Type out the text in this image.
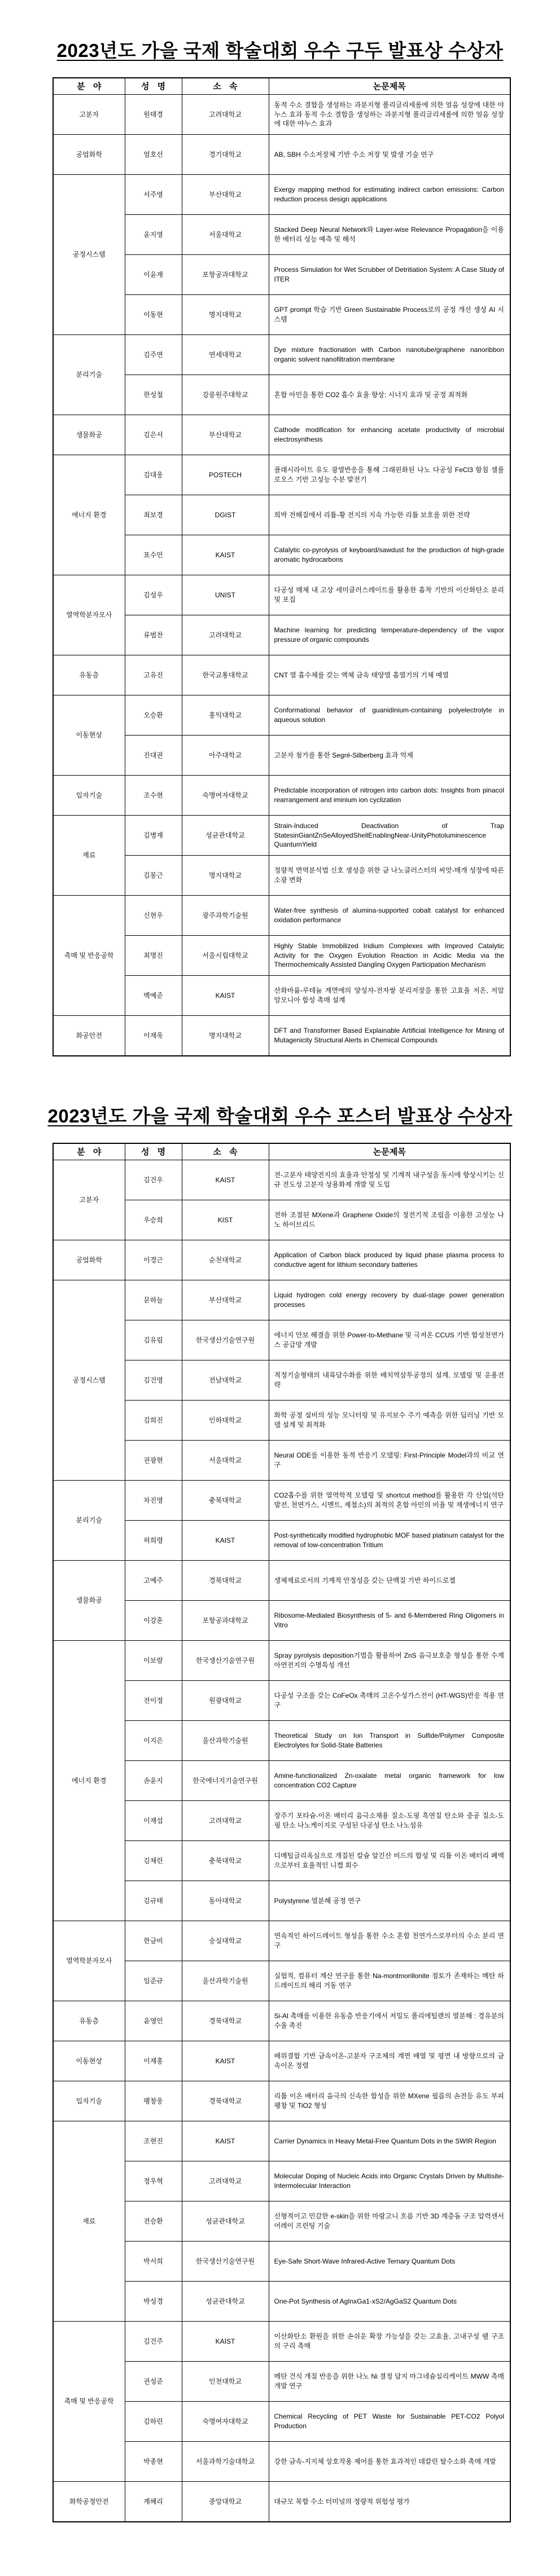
2023년도 가을 국제 학술대회 우수 구두 발표상 수상자
분 야	성 명	소 속	논문제목
고분자	원태경	고려대학교	동적 수소 결합을 생성하는 과분지형 폴리글리세롤에 의한 얼음 성장에 대한 야누스 효과 동적 수소 결합을 생성하는 과분지형 폴리글리세롤에 의한 얼음 성장에 대한 야누스 효과
공업화학	엄호선	경기대학교	AB, SBH 수소저장체 기반 수소 저장 및 발생 기술 연구
공정시스템	서주영	부산대학교	Exergy mapping method for estimating indirect carbon emissions: Carbon reduction process design applications
	윤지영	서울대학교	Stacked Deep Neural Network와 Layer-wise Relevance Propagation을 이용한 배터리 성능 예측 및 해석
	이윤재	포항공과대학교	Process Simulation for Wet Scrubber of Detritiation System: A Case Study of ITER
	이동현	명지대학교	GPT prompt 학습 기반 Green Sustainable Process로의 공정 개선 생성 AI 시스템
분리기술	김주연	연세대학교	Dye mixture fractionation with Carbon nanotube/graphene nanoribbon organic solvent nanofiltration membrane
	한성철	강릉원주대학교	혼합 아민을 통한 CO2 흡수 효율 향상: 시너지 효과 및 공정 최적화
생물화공	김은서	부산대학교	Cathode modification for enhancing acetate productivity of microbial electrosynthesis
에너지 환경	김대웅	POSTECH	플래시라이트 유도 광열반응을 통해 그래핀화된 나노 다공성 FeCl3 함침 셀룰로오스 기반 고성능 수분 발전기
	최보경	DGIST	희박 전해질에서 리튬-황 전지의 지속 가능한 리튬 보호를 위한 전략
	표수민	KAIST	Catalytic co-pyrolysis of keyboard/sawdust for the production of high-grade aromatic hydrocarbons
열역학분자모사	김성우	UNIST	다공성 매체 내 고상 세미클러스레이트를 활용한 흡착 기반의 이산화탄소 분리 및 포집
	류범찬	고려대학교	Machine learning for predicting temperature-dependency of the vapor pressure of organic compounds
유동층	고유진	한국교통대학교	CNT 열 흡수체를 갖는 액체 금속 태양열 흡열기의 기체 예열
이동현상	오승환	홍익대학교	Conformational behavior of guanidinium-containing polyelectrolyte in aqueous solution
	진대권	아주대학교	고분자 첨가를 통한 Segré-Silberberg 효과 억제
입자기술	조수현	숙명여자대학교	Predictable incorporation of nitrogen into carbon dots: Insights from pinacol rearrangement and iminium ion cyclization
재료	김병재	성균관대학교	Strain-Induced Deactivation of Trap StatesinGiantZnSeAlloyedShellEnablingNear-UnityPhotoluminescence QuantumYield
	김봉근	명지대학교	정량적 면역분석법 신호 생성을 위한 금 나노클러스터의 씨앗-매개 성장에 따른 소광 변화
촉매 및 반응공학	신현우	광주과학기술원	Water-free synthesis of alumina-supported cobalt catalyst for enhanced oxidation performance
	최명진	서울시립대학교	Highly Stable Immobilized Iridium Complexes with Improved Catalytic Activity for the Oxygen Evolution Reaction in Acidic Media via the Thermochemically Assisted Dangling Oxygen Participation Mechanism
	백예준	KAIST	산화바륨-루테늄 계면에의 양성자-전자쌍 분리저장을 통한 고효율 저온, 저압 암모니아 합성 촉매 설계
화공안전	이재욱	명지대학교	DFT and Transformer Based Explainable Artificial Intelligence for Mining of Mutagenicity Structural Alerts in Chemical Compounds
2023년도 가을 국제 학술대회 우수 포스터 발표상 수상자
분 야	성 명	소 속	논문제목
고분자	김건우	KAIST	전-고분자 태양전지의 효율과 안정성 및 기계적 내구성을 동시에 향상시키는 신규 전도성 고분자 상용화제 개발 및 도입
	우승희	KIST	전하 조절된 MXene과 Graphene Oxide의 정전기적 조립을 이용한 고성능 나노 하이브리드
공업화학	이경근	순천대학교	Application of Carbon black produced by liquid phase plasma process to conductive agent for lithium secondary batteries
공정시스템	문하늘	부산대학교	Liquid hydrogen cold energy recovery by dual-stage power generation processes
	김유림	한국생산기술연구원	에너지 안보 해결을 위한 Power-to-Methane 및 극저온 CCUS 기반 합성천연가스 공급망 개발
	김건영	전남대학교	적정기술형태의 내륙담수화를 위한 배치역삼투공정의 설계, 모델링 및 운용전략
	김희진	인하대학교	화학 공정 설비의 성능 모니터링 및 유지보수 주기 예측을 위한 딥러닝 기반 모델 설계 및 최적화
	권광현	서울대학교	Neural ODE를 이용한 동적 반응기 모델링: First-Principle Model과의 비교 연구
분리기술	차진영	충북대학교	CO2흡수를 위한 열역학적 모델링 및 shortcut method를 활용한 각 산업(석탄발전, 천연가스, 시멘트, 제철소)의 최적의 혼합 아민의 비율 및 재생에너지 연구
	허희령	KAIST	Post-synthetically modified hydrophobic MOF based platinum catalyst for the removal of low-concentration Tritium
생물화공	고예주	경북대학교	생체재료로서의 기계적 안정성을 갖는 단백질 기반 하이드로젤
	이강훈	포항공과대학교	Ribosome-Mediated Biosynthesis of 5- and 6-Membered Ring Oligomers in Vitro
에너지 환경	이보람	한국생산기술연구원	Spray pyrolysis deposition기법을 활용하여 ZnS 음극보호층 형성을 통한 수계아연전지의 수명특성 개선
	전이정	원광대학교	다공성 구조를 갖는 CoFeOx 촉매의 고온수성가스전이 (HT-WGS)반응 적용 연구
	이지은	울산과학기술원	Theoretical Study on Ion Transport in Sulfide/Polymer Composite Electrolytes for Solid-State Batteries
	손윤지	한국에너지기술연구원	Amine-functionalized Zn-oxalate metal organic framework for low concentration CO2 Capture
	이재섭	고려대학교	장주기 포타슘-이온 배터리 음극소재용 질소-도핑 흑연질 탄소와 중공 질소-도핑 탄소 나노케이지로 구성된 다공성 탄소 나노섬유
	김채린	충북대학교	디메틸글리옥심으로 개질된 칼슘 알긴산 비드의 합성 및 리튬 이온 배터리 폐액으로부터 효율적인 니켈 회수
	김규태	동아대학교	Polystyrene 열분해 공정 연구
열역학분자모사	한금비	숭실대학교	연속적인 하이드레이트 형성을 통한 수소 혼합 천연가스로부터의 수소 분리 연구
	임준규	울산과학기술원	실험적, 컴퓨터 계산 연구를 통한 Na-montmorillonite 점토가 존재하는 메탄 하드레이트의 해리 거동 연구
유동층	윤영민	경북대학교	Si-Al 촉매를 이용한 유동층 반응기에서 저밀도 폴리에틸렌의 열분해 : 경유분의 수율 촉진
이동현상	이재홍	KAIST	배위결합 기반 금속이온-고분자 구조체의 계면 배열 및 평면 내 방향으로의 금속이온 정렬
입자기술	팽창웅	경북대학교	리튬 이온 배터리 음극의 신속한 합성을 위한 MXene 필름의 손전등 유도 부피 팽창 및 TiO2 형성
재료	조현진	KAIST	Carrier Dynamics in Heavy Metal-Free Quantum Dots in the SWIR Region
	정우혁	고려대학교	Molecular Doping of Nucleic Acids into Organic Crystals Driven by Multisite-Intermolecular Interaction
	전승환	성균관대학교	선형적이고 민감한 e-skin을 위한 마랑고니 흐름 기반 3D 계층돔 구조 압력센서 어레이 프린팅 기술
	박서희	한국생산기술연구원	Eye-Safe Short-Wave Infrared-Active Ternary Quantum Dots
	박성경	성균관대학교	One-Pot Synthesis of AgInxGa1-xS2/AgGaS2 Quantum Dots
촉매 및 반응공학	김건주	KAIST	이산화탄소 환원을 위한 손쉬운 확장 가능성을 갖는 고효율, 고내구성 쉘 구조의 구리 촉매
	권성준	인천대학교	메탄 건식 개질 반응을 위한 나노 Ni 결정 담지 마그네슘실리케이트 MWW 촉매 개발 연구
	김하린	숙명여자대학교	Chemical Recycling of PET Waste for Sustainable PET-CO2 Polyol Production
	박종현	서울과학기술대학교	강한 금속-지지체 상호작용 제어를 통한 효과적인 데칼린 탈수소화 촉매 개발
화학공정안전	계혜리	중앙대학교	대규모 복합 수소 터미널의 정량적 위험성 평가
